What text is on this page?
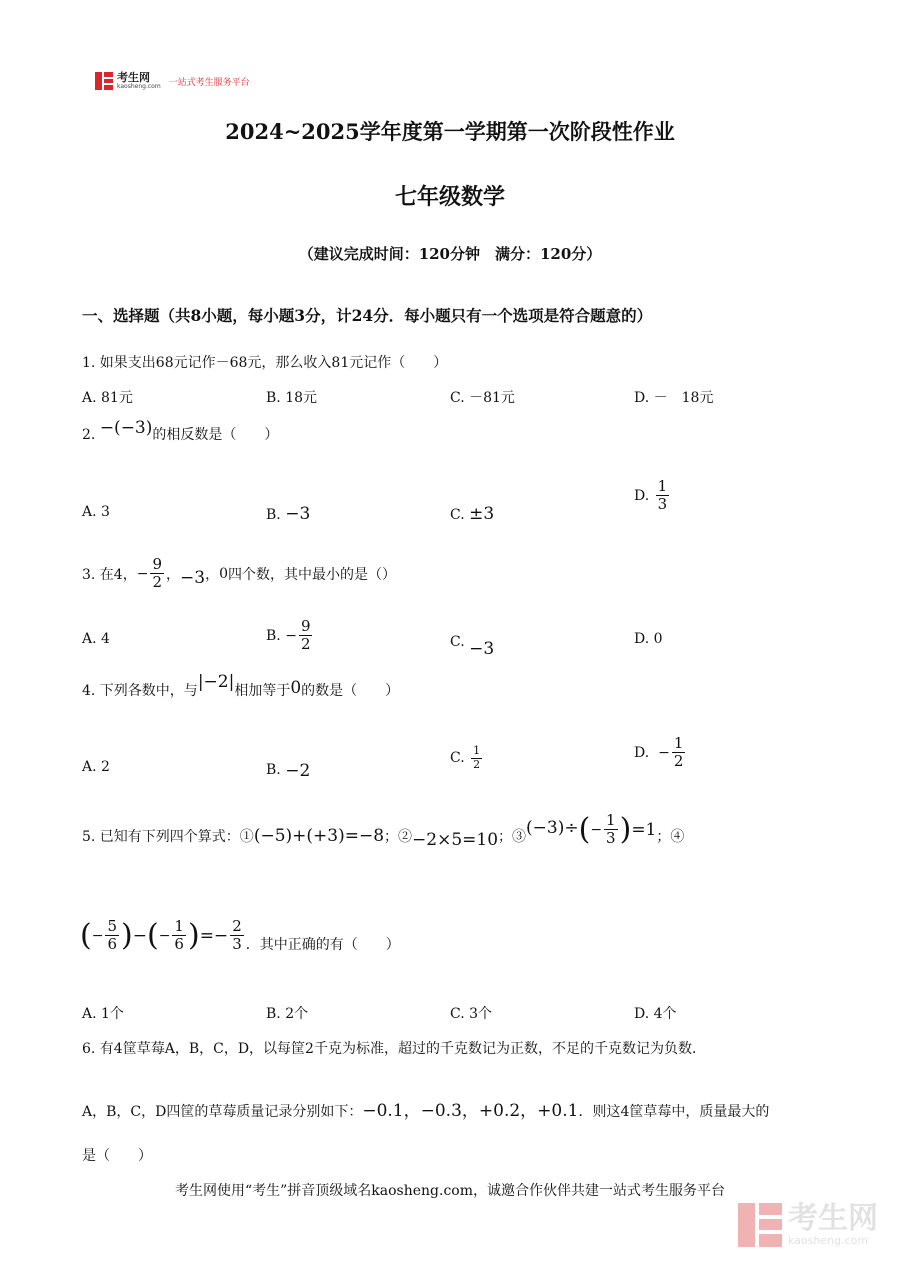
考生网
kaosheng.com 一站式考生服务平台
2024~2025学年度第一学期第一次阶段性作业
七年级数学
（建议完成时间：120分钟　满分：120分）
一、选择题（共8小题，每小题3分，计24分．每小题只有一个选项是符合题意的）
1. 如果支出68元记作－68元，那么收入81元记作（　　）
A. 81元	B. 18元	C. －81元	D. －　18元
2. −(−3)的相反数是（　　）
A. 3	B. −3	C. ±3
D. $\frac{1}{3}$
3. 在4， − $\frac{9}{2}$ ， −3 ， 0 四个数，其中最小的是（）
A. 4	B.
− $\frac{9}{2}$	C. −3	D. 0
4. 下列各数中，与|−2|相加等于0的数是（　　）
A. 2	B. −2
C.
$\frac{1}{2}$	D.
− $\frac{1}{2}$
5. 已知有下列四个算式：① (−5)+(+3)=−8 ；② −2×5=10 ；③ (−3)÷ ( − $\frac{1}{3}$ ) =1 ；④
( − $\frac{5}{6}$ ) − ( − $\frac{1}{6}$ ) =− $\frac{2}{3}$ ．其中正确的有（　　）
A. 1个	B. 2个	C. 3个	D. 4个
6. 有4筐草莓A，B，C，D，以每筐2千克为标准，超过的千克数记为正数，不足的千克数记为负数．
A，B，C，D四筐的草莓质量记录分别如下：−0.1，−0.3，+0.2，+0.1．则这4筐草莓中，质量最大的
是（　　）
考生网使用“考生”拼音顶级域名kaosheng.com，诚邀合作伙伴共建一站式考生服务平台
考生网
kaosheng.com
